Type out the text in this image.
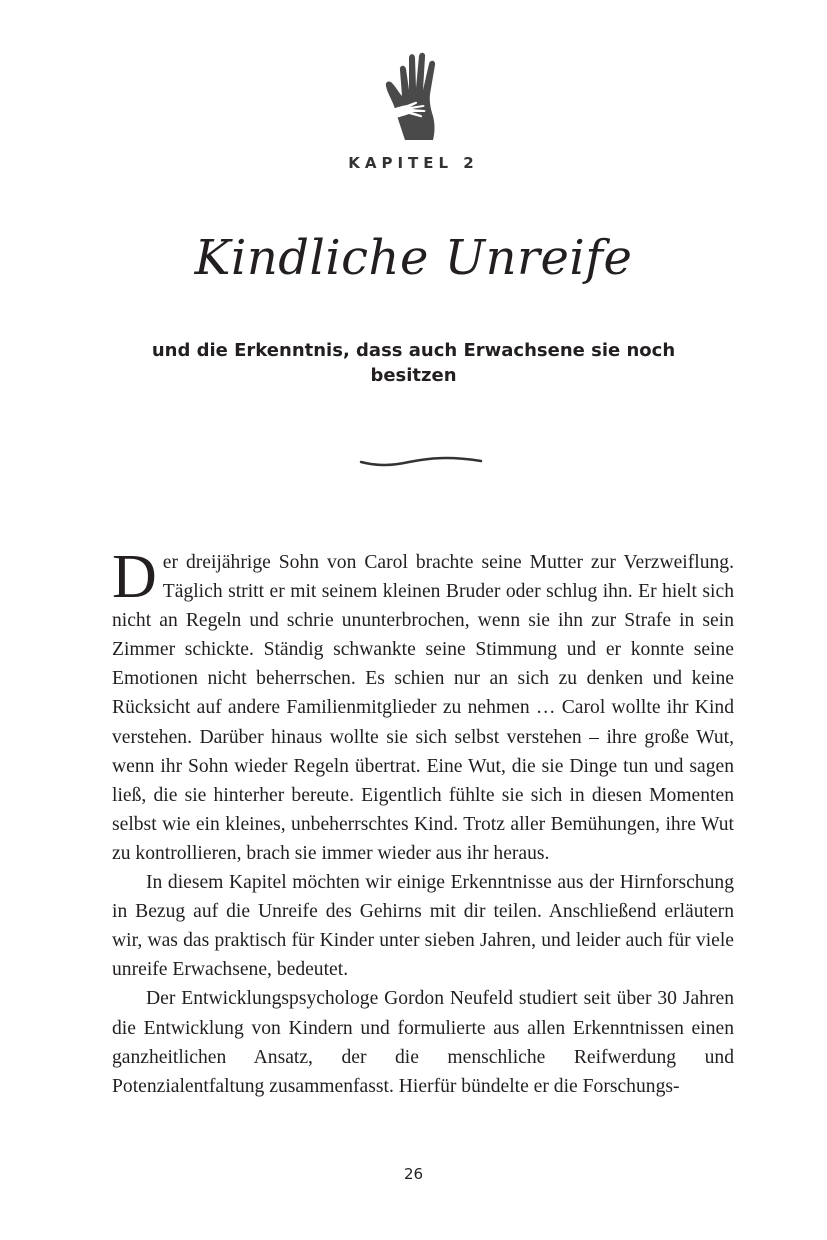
KAPITEL 2
Kindliche Unreife
und die Erkenntnis, dass auch Erwachsene sie noch besitzen

Der dreijährige Sohn von Carol brachte seine Mutter zur Verzweiflung. Täglich stritt er mit seinem kleinen Bruder oder schlug ihn. Er hielt sich nicht an Regeln und schrie ununterbrochen, wenn sie ihn zur Strafe in sein Zimmer schickte. Ständig schwankte seine Stimmung und er konnte seine Emotionen nicht beherrschen. Es schien nur an sich zu denken und keine Rücksicht auf andere Familienmitglieder zu nehmen … Carol wollte ihr Kind verstehen. Darüber hinaus wollte sie sich selbst verstehen – ihre große Wut, wenn ihr Sohn wieder Regeln übertrat. Eine Wut, die sie Dinge tun und sagen ließ, die sie hinterher bereute. Eigentlich fühlte sie sich in diesen Momenten selbst wie ein kleines, unbeherrschtes Kind. Trotz aller Bemühungen, ihre Wut zu kontrollieren, brach sie immer wieder aus ihr heraus.

In diesem Kapitel möchten wir einige Erkenntnisse aus der Hirnforschung in Bezug auf die Unreife des Gehirns mit dir teilen. Anschließend erläutern wir, was das praktisch für Kinder unter sieben Jahren, und leider auch für viele unreife Erwachsene, bedeutet.

Der Entwicklungspsychologe Gordon Neufeld studiert seit über 30 Jahren die Entwicklung von Kindern und formulierte aus allen Erkenntnissen einen ganzheitlichen Ansatz, der die menschliche Reifwerdung und Potenzialentfaltung zusammenfasst. Hierfür bündelte er die Forschungs-

26
